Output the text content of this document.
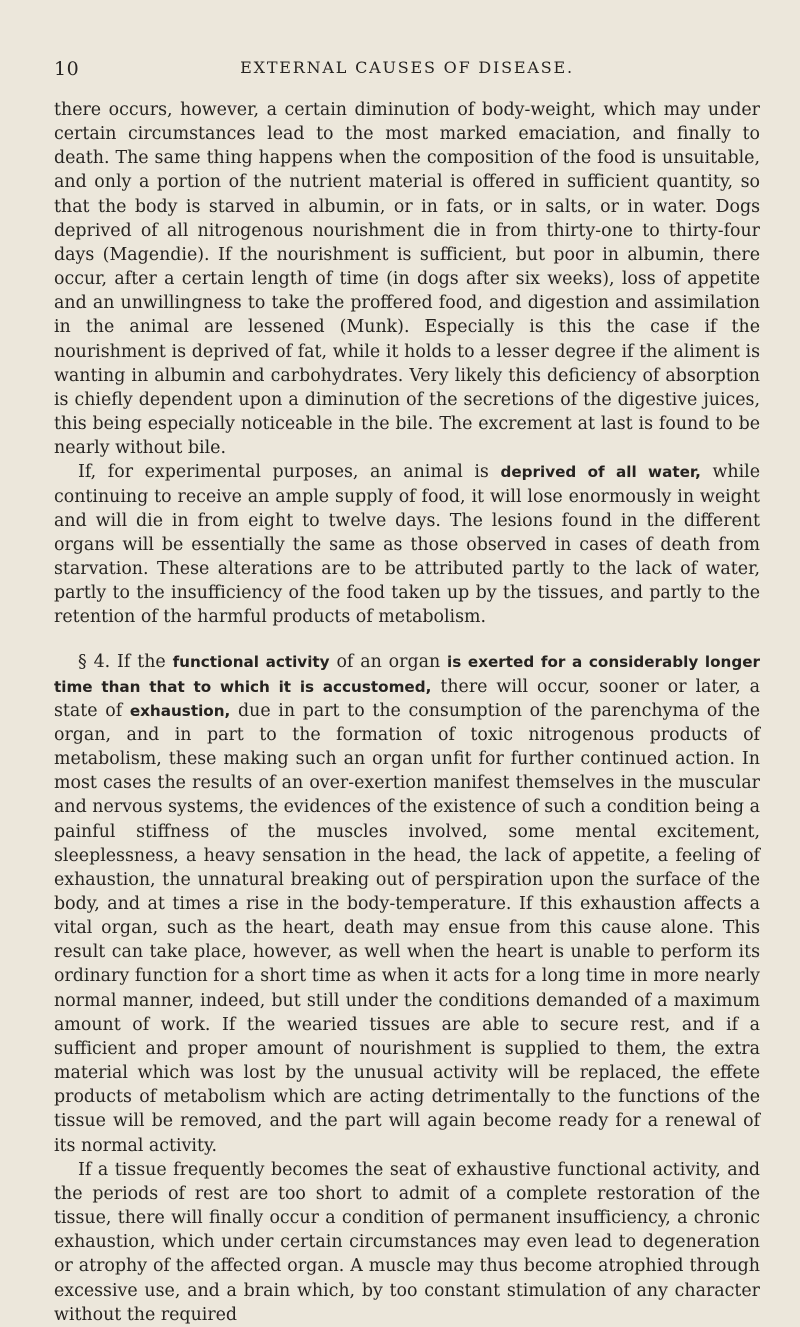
10	EXTERNAL CAUSES OF DISEASE.

there occurs, however, a certain diminution of body-weight, which may under certain circumstances lead to the most marked emaciation, and finally to death. The same thing happens when the composition of the food is unsuitable, and only a portion of the nutrient material is offered in sufficient quantity, so that the body is starved in albumin, or in fats, or in salts, or in water. Dogs deprived of all nitrogenous nourishment die in from thirty-one to thirty-four days (Magendie). If the nourishment is sufficient, but poor in albumin, there occur, after a certain length of time (in dogs after six weeks), loss of appetite and an unwillingness to take the proffered food, and digestion and assimilation in the animal are lessened (Munk). Especially is this the case if the nourishment is deprived of fat, while it holds to a lesser degree if the aliment is wanting in albumin and carbohydrates. Very likely this deficiency of absorption is chiefly dependent upon a diminution of the secretions of the digestive juices, this being especially noticeable in the bile. The excrement at last is found to be nearly without bile.

If, for experimental purposes, an animal is deprived of all water, while continuing to receive an ample supply of food, it will lose enormously in weight and will die in from eight to twelve days. The lesions found in the different organs will be essentially the same as those observed in cases of death from starvation. These alterations are to be attributed partly to the lack of water, partly to the insufficiency of the food taken up by the tissues, and partly to the retention of the harmful products of metabolism.

§ 4. If the functional activity of an organ is exerted for a considerably longer time than that to which it is accustomed, there will occur, sooner or later, a state of exhaustion, due in part to the consumption of the parenchyma of the organ, and in part to the formation of toxic nitrogenous products of metabolism, these making such an organ unfit for further continued action. In most cases the results of an over-exertion manifest themselves in the muscular and nervous systems, the evidences of the existence of such a condition being a painful stiffness of the muscles involved, some mental excitement, sleeplessness, a heavy sensation in the head, the lack of appetite, a feeling of exhaustion, the unnatural breaking out of perspiration upon the surface of the body, and at times a rise in the body-temperature. If this exhaustion affects a vital organ, such as the heart, death may ensue from this cause alone. This result can take place, however, as well when the heart is unable to perform its ordinary function for a short time as when it acts for a long time in more nearly normal manner, indeed, but still under the conditions demanded of a maximum amount of work. If the wearied tissues are able to secure rest, and if a sufficient and proper amount of nourishment is supplied to them, the extra material which was lost by the unusual activity will be replaced, the effete products of metabolism which are acting detrimentally to the functions of the tissue will be removed, and the part will again become ready for a renewal of its normal activity.

If a tissue frequently becomes the seat of exhaustive functional activity, and the periods of rest are too short to admit of a complete restoration of the tissue, there will finally occur a condition of permanent insufficiency, a chronic exhaustion, which under certain circumstances may even lead to degeneration or atrophy of the affected organ. A muscle may thus become atrophied through excessive use, and a brain which, by too constant stimulation of any character without the required
